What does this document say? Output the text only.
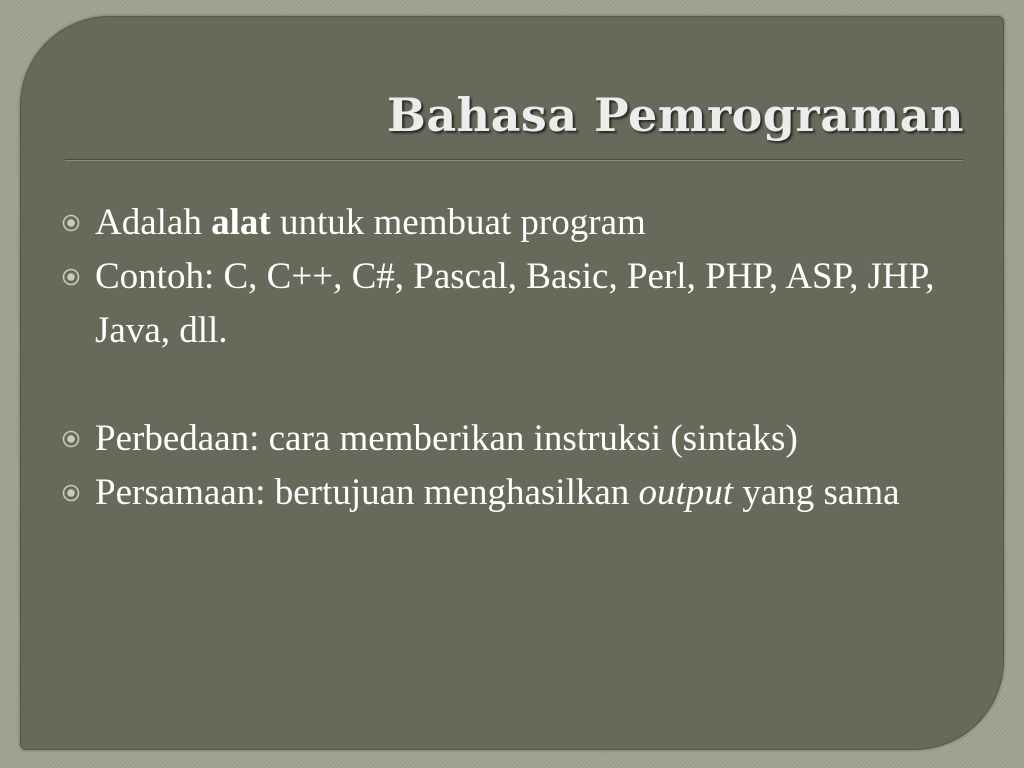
Bahasa Pemrograman
Adalah alat untuk membuat program
Contoh: C, C++, C#, Pascal, Basic, Perl, PHP, ASP, JHP, Java, dll.
Perbedaan: cara memberikan instruksi (sintaks)
Persamaan: bertujuan menghasilkan output yang sama
